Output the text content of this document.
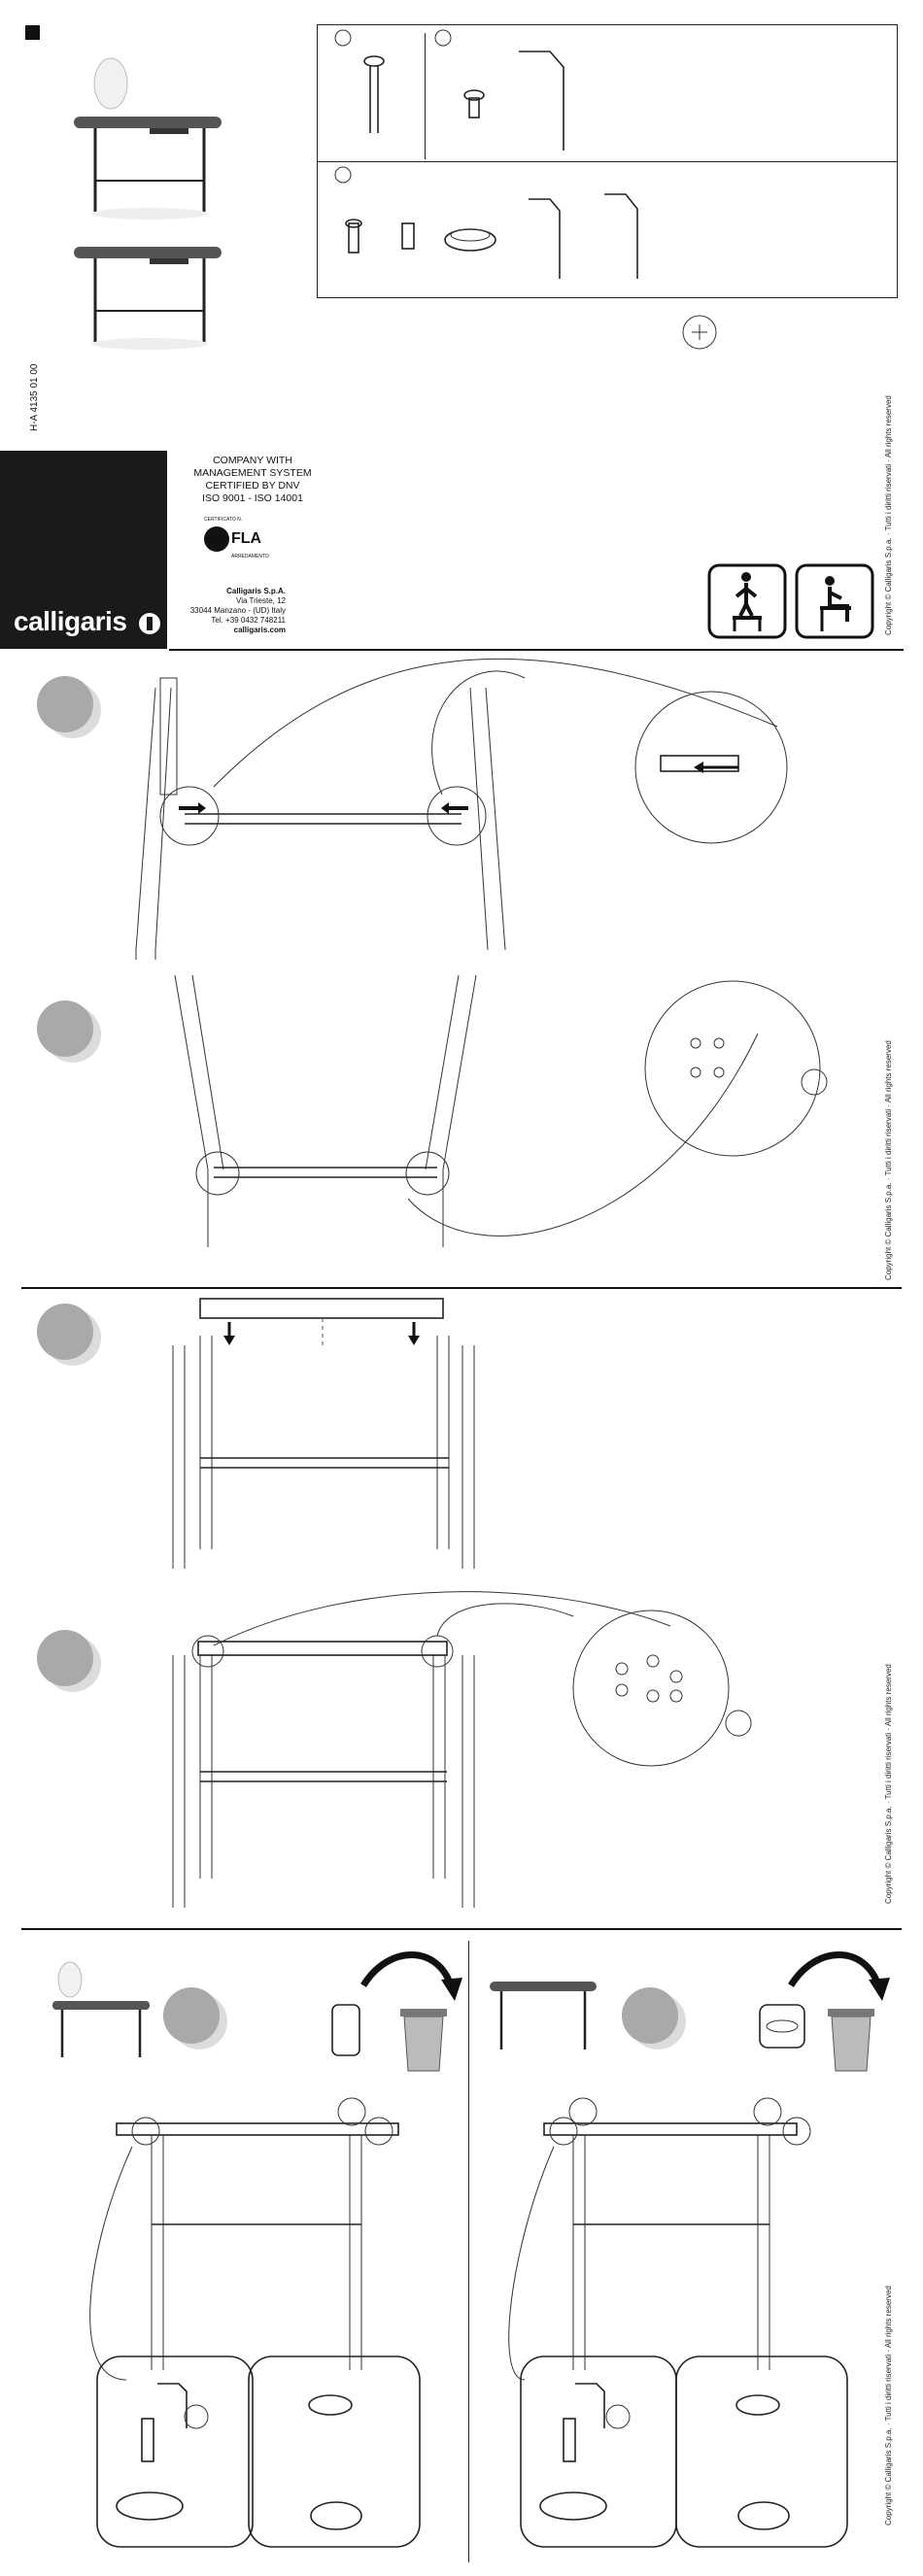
H-A 4135 01 00
calligaris
COMPANY WITH
MANAGEMENT SYSTEM
CERTIFIED BY DNV
ISO 9001 - ISO 14001
CERTIFICATO N.
FLA
ARREDAMENTO
Calligaris S.p.A.
Via Trieste, 12
33044 Manzano - (UD) Italy
Tel. +39 0432 748211
calligaris.com	Copyright © Calligaris S.p.a. · Tutti i diritti riservati · All rights reserved
Copyright © Calligaris S.p.a. · Tutti i diritti riservati · All rights reserved
Copyright © Calligaris S.p.a. · Tutti i diritti riservati · All rights reserved
Copyright © Calligaris S.p.a. · Tutti i diritti riservati · All rights reserved
